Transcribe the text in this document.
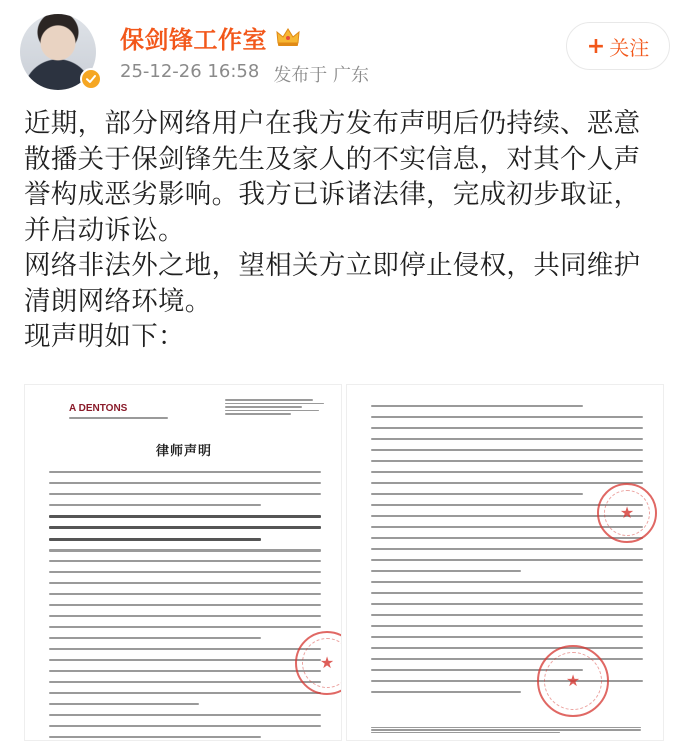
保剑锋工作室
25-12-26 16:58 发布于 广东
+ 关注

近期，部分网络用户在我方发布声明后仍持续、恶意散播关于保剑锋先生及家人的不实信息，对其个人声誉构成恶劣影响。我方已诉诸法律，完成初步取证，并启动诉讼。

网络非法外之地，望相关方立即停止侵权，共同维护清朗网络环境。

现声明如下：

A DENTONS
律师声明
★
★
★
